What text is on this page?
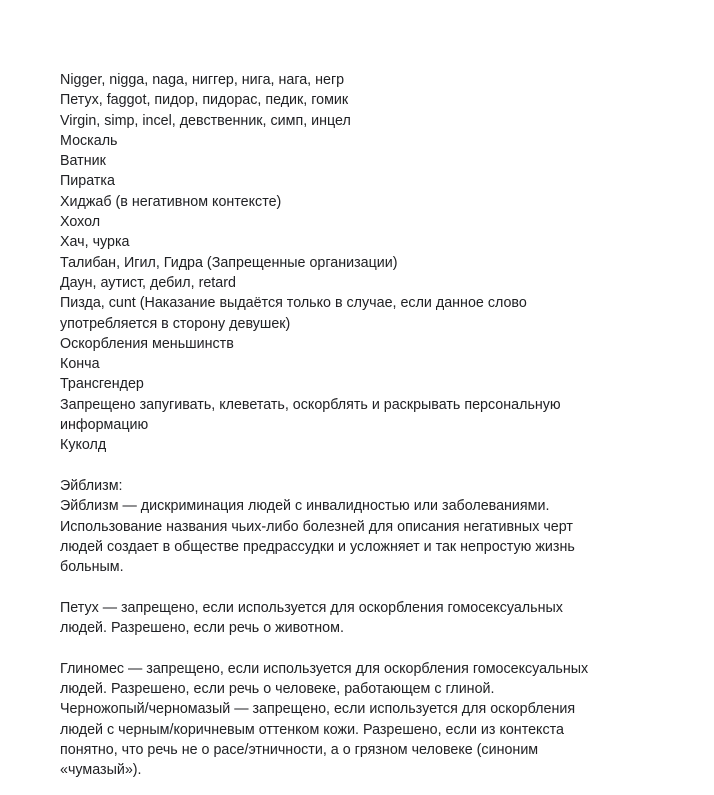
Nigger, nigga, naga, ниггер, нига, нага, негр
Петух, faggot, пидор, пидорас, педик, гомик
Virgin, simp, incel, девственник, симп, инцел
Москаль
Ватник
Пиратка
Хиджаб (в негативном контексте)
Хохол
Хач, чурка
Талибан, Игил, Гидра (Запрещенные организации)
Даун, аутист, дебил, retard
Пизда, cunt (Наказание выдаётся только в случае, если данное слово употребляется в сторону девушек)
Оскорбления меньшинств
Конча
Трансгендер
Запрещено запугивать, клеветать, оскорблять и раскрывать персональную информацию
Куколд
Эйблизм:
Эйблизм — дискриминация людей с инвалидностью или заболеваниями. Использование названия чьих-либо болезней для описания негативных черт людей создает в обществе предрассудки и усложняет и так непростую жизнь больным.
Петух — запрещено, если используется для оскорбления гомосексуальных людей. Разрешено, если речь о животном.
Глиномес — запрещено, если используется для оскорбления гомосексуальных людей. Разрешено, если речь о человеке, работающем с глиной.
Черножопый/черномазый — запрещено, если используется для оскорбления людей с черным/коричневым оттенком кожи. Разрешено, если из контекста понятно, что речь не о расе/этничности, а о грязном человеке (синоним «чумазый»).
